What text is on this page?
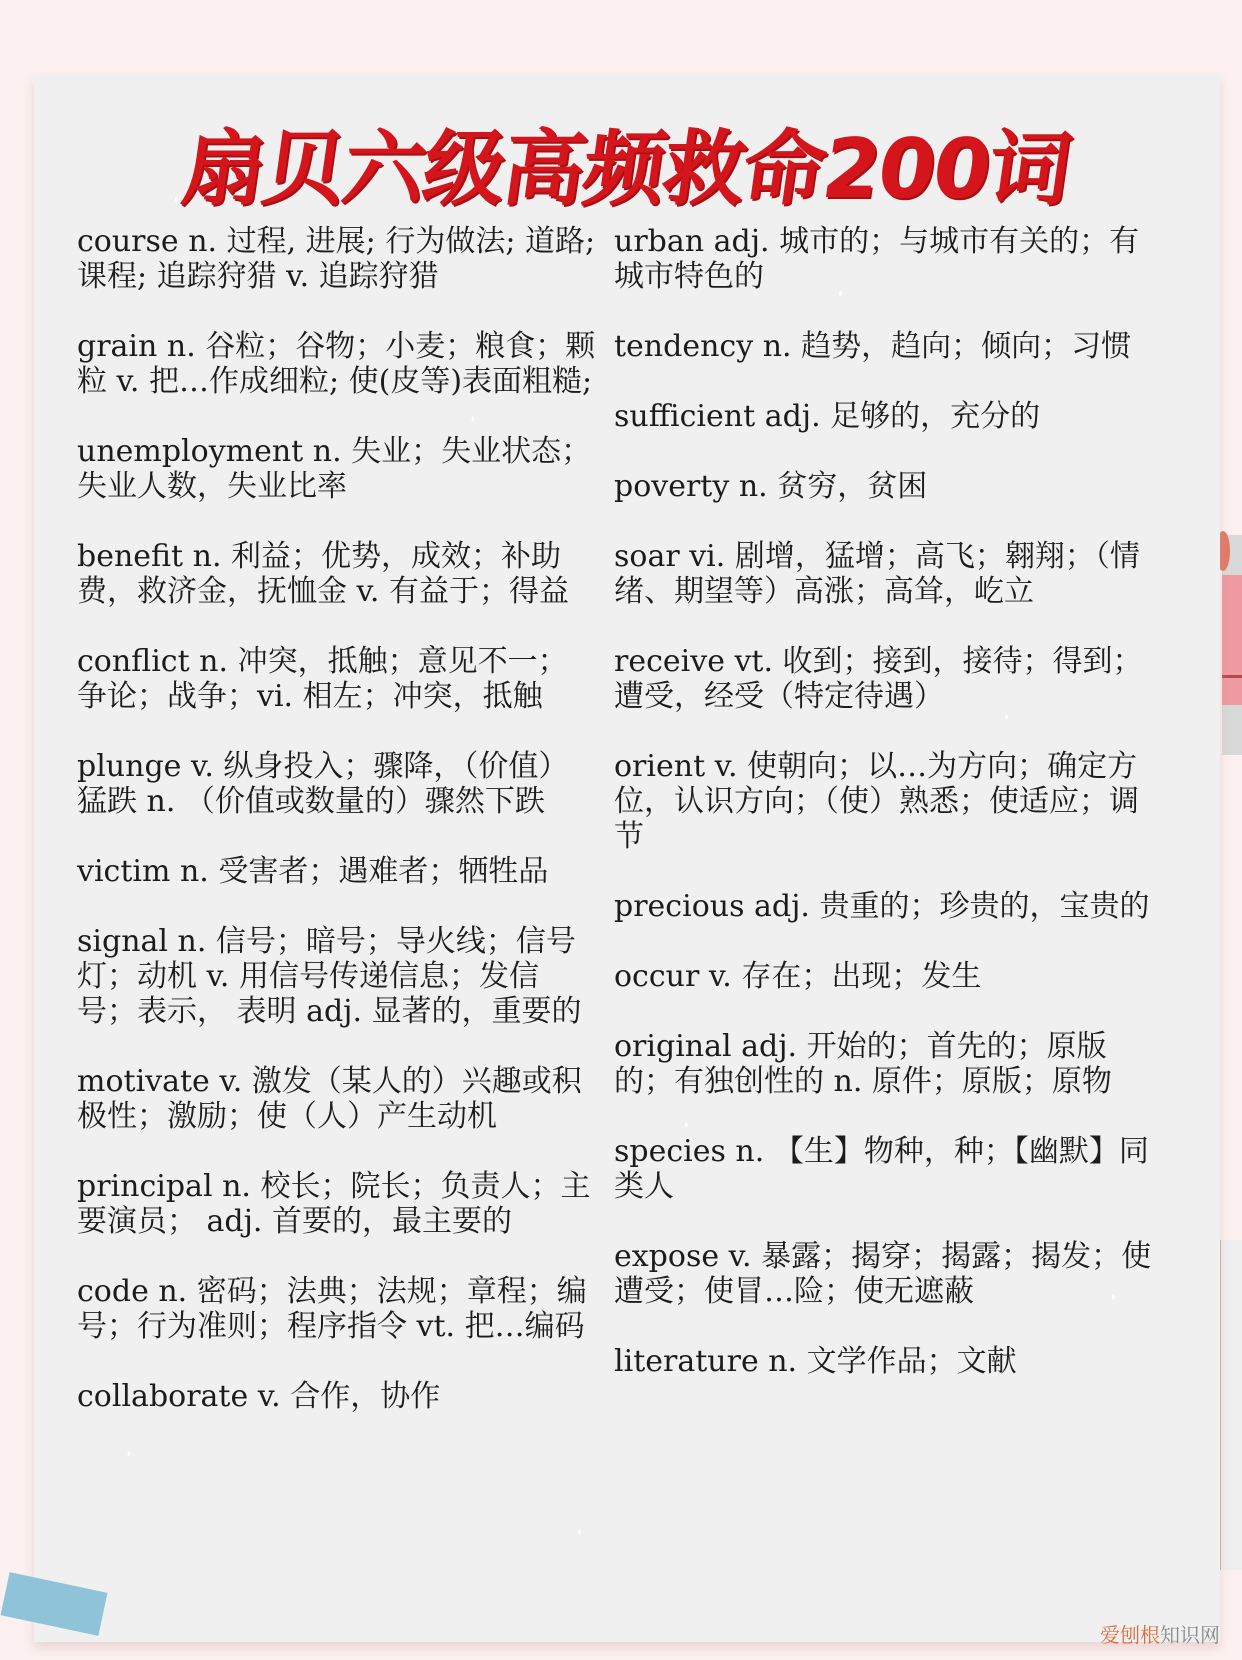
扇贝六级高频救命200词
course n. 过程, 进展; 行为做法; 道路; 课程; 追踪狩猎 v. 追踪狩猎
grain n. 谷粒；谷物；小麦；粮食；颗粒 v. 把…作成细粒; 使(皮等)表面粗糙;
unemployment n. 失业；失业状态；失业人数，失业比率
benefit n. 利益；优势，成效；补助费，救济金，抚恤金 v. 有益于；得益
conflict n. 冲突，抵触；意见不一；争论；战争；vi. 相左；冲突，抵触
plunge v. 纵身投入；骤降，（价值）猛跌 n. （价值或数量的）骤然下跌
victim n. 受害者；遇难者；牺牲品
signal n. 信号；暗号；导火线；信号灯；动机 v. 用信号传递信息；发信号；表示， 表明 adj. 显著的，重要的
motivate v. 激发（某人的）兴趣或积极性；激励；使（人）产生动机
principal n. 校长；院长；负责人；主要演员； adj. 首要的，最主要的
code n. 密码；法典；法规；章程；编号；行为准则；程序指令 vt. 把…编码
collaborate v. 合作，协作
urban adj. 城市的；与城市有关的；有城市特色的
tendency n. 趋势，趋向；倾向；习惯
sufficient adj. 足够的，充分的
poverty n. 贫穷，贫困
soar vi. 剧增，猛增；高飞；翱翔；（情绪、期望等）高涨；高耸，屹立
receive vt. 收到；接到，接待；得到；遭受，经受（特定待遇）
orient v. 使朝向；以…为方向；确定方位，认识方向；（使）熟悉；使适应；调节
precious adj. 贵重的；珍贵的，宝贵的
occur v. 存在；出现；发生
original adj. 开始的；首先的；原版的；有独创性的 n. 原件；原版；原物
species n. 【生】物种，种；【幽默】同类人
expose v. 暴露；揭穿；揭露；揭发；使遭受；使冒…险；使无遮蔽
literature n. 文学作品；文献
爱刨根知识网
